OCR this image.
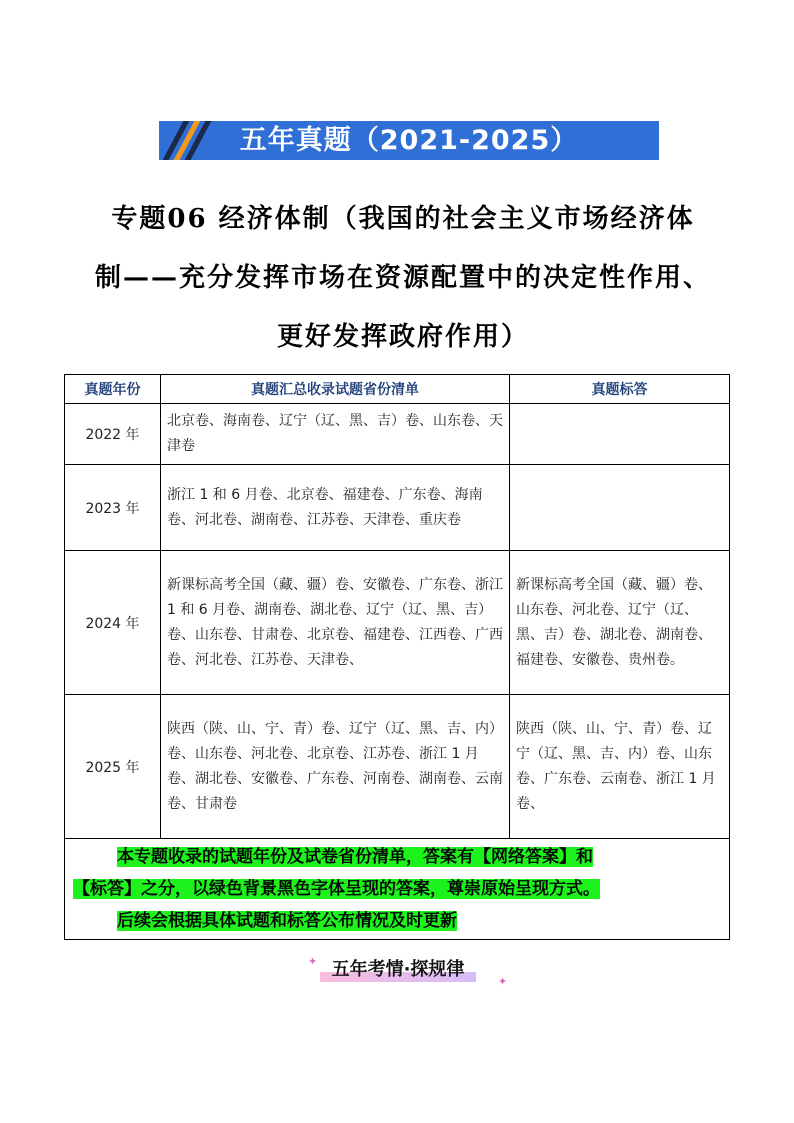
五年真题（2021-2025）
专题06 经济体制（我国的社会主义市场经济体
制——充分发挥市场在资源配置中的决定性作用、
更好发挥政府作用）
真题年份	真题汇总收录试题省份清单	真题标答
2022 年	北京卷、海南卷、辽宁（辽、黑、吉）卷、山东卷、天津卷	
2023 年	浙江 1 和 6 月卷、北京卷、福建卷、广东卷、海南卷、河北卷、湖南卷、江苏卷、天津卷、重庆卷	
2024 年	新课标高考全国（藏、疆）卷、安徽卷、广东卷、浙江 1 和 6 月卷、湖南卷、湖北卷、辽宁（辽、黑、吉）卷、山东卷、甘肃卷、北京卷、福建卷、江西卷、广西卷、河北卷、江苏卷、天津卷、	新课标高考全国（藏、疆）卷、山东卷、河北卷、辽宁（辽、黑、吉）卷、湖北卷、湖南卷、福建卷、安徽卷、贵州卷。
2025 年	陕西（陕、山、宁、青）卷、辽宁（辽、黑、吉、内）卷、山东卷、河北卷、北京卷、江苏卷、浙江 1 月卷、湖北卷、安徽卷、广东卷、河南卷、湖南卷、云南卷、甘肃卷	陕西（陕、山、宁、青）卷、辽宁（辽、黑、吉、内）卷、山东卷、广东卷、云南卷、浙江 1 月卷、
本专题收录的试题年份及试卷省份清单，答案有【网络答案】和
【标答】之分，以绿色背景黑色字体呈现的答案，尊崇原始呈现方式。
后续会根据具体试题和标答公布情况及时更新		
五年考情·探规律
✦
✦
